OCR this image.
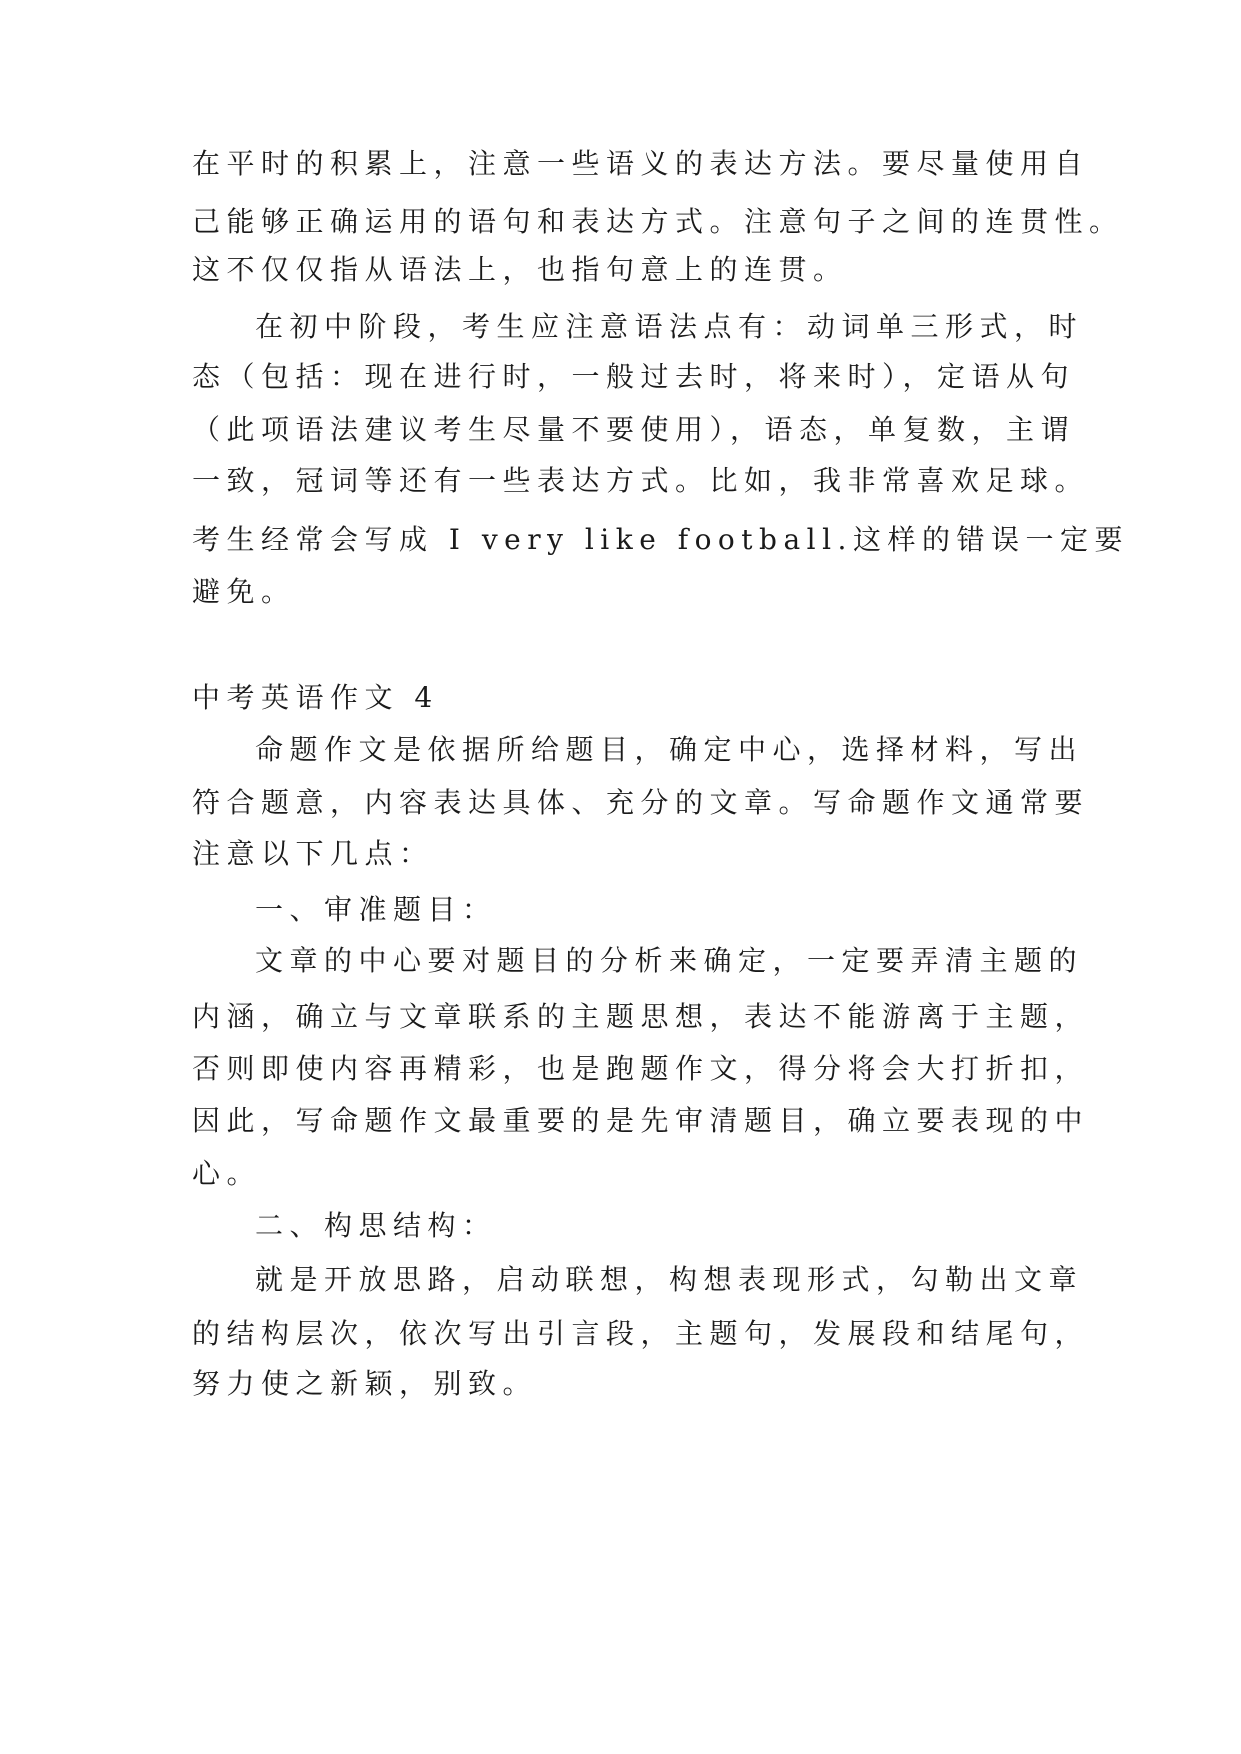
在平时的积累上，注意一些语义的表达方法。要尽量使用自
己能够正确运用的语句和表达方式。注意句子之间的连贯性。
这不仅仅指从语法上，也指句意上的连贯。
在初中阶段，考生应注意语法点有：动词单三形式，时
态（包括：现在进行时，一般过去时，将来时），定语从句
（此项语法建议考生尽量不要使用），语态，单复数，主谓
一致，冠词等还有一些表达方式。比如，我非常喜欢足球。
考生经常会写成 I very like football.这样的错误一定要
避免。
中考英语作文 4
命题作文是依据所给题目，确定中心，选择材料，写出
符合题意，内容表达具体、充分的文章。写命题作文通常要
注意以下几点：
一、审准题目：
文章的中心要对题目的分析来确定，一定要弄清主题的
内涵，确立与文章联系的主题思想，表达不能游离于主题，
否则即使内容再精彩，也是跑题作文，得分将会大打折扣，
因此，写命题作文最重要的是先审清题目，确立要表现的中
心。
二、构思结构：
就是开放思路，启动联想，构想表现形式，勾勒出文章
的结构层次，依次写出引言段，主题句，发展段和结尾句，
努力使之新颖，别致。
